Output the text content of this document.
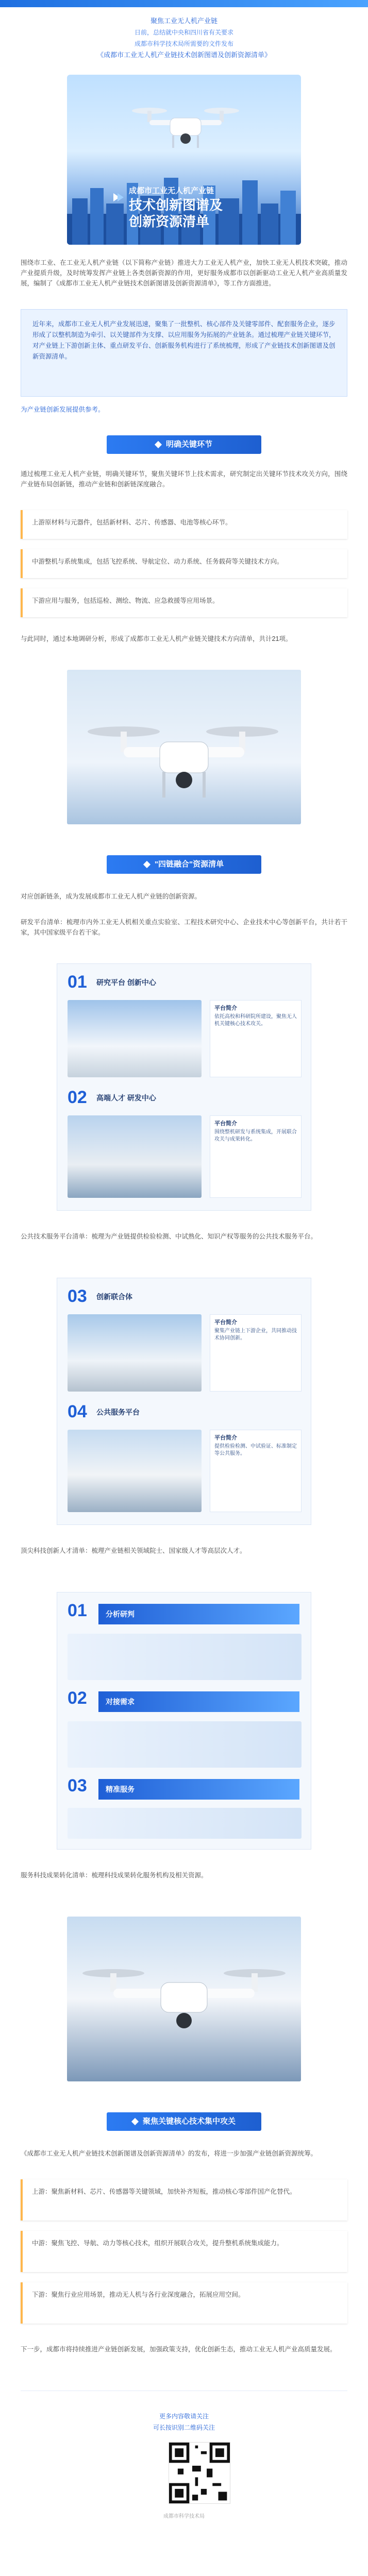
聚焦工业无人机产业链
日前，总结就中央和四川省有关要求
成都市科学技术局所需要的文件发布
《成都市工业无人机产业链技术创新图谱及创新资源清单》
成都市工业无人机产业链
技术创新图谱及
创新资源清单
围绕市工业、在工业无人机产业链（以下简称产业链）推进大力工业无人机产业，加快工业无人机技术突破，推动产业提质升级，及时统筹发挥产业链上各类创新资源的作用，更好服务成都市以创新驱动工业无人机产业高质量发展，编制了《成都市工业无人机产业链技术创新图谱及创新资源清单》，等工作方面推进。
近年来，成都市工业无人机产业发展迅速，聚集了一批整机、核心部件及关键零部件、配套服务企业，逐步形成了以整机制造为牵引、以关键部件为支撑、以应用服务为拓展的产业链条。通过梳理产业链关键环节，对产业链上下游创新主体、重点研发平台、创新服务机构进行了系统梳理，形成了产业链技术创新图谱及创新资源清单。
为产业链创新发展提供参考。
明确关键环节
通过梳理工业无人机产业链，明确关键环节，聚焦关键环节上技术需求，研究制定出关键环节技术攻关方向，围绕产业链布局创新链，推动产业链和创新链深度融合。
上游原材料与元器件，包括新材料、芯片、传感器、电池等核心环节。
中游整机与系统集成，包括飞控系统、导航定位、动力系统、任务载荷等关键技术方向。
下游应用与服务，包括巡检、测绘、物流、应急救援等应用场景。
与此同时，通过本地调研分析，形成了成都市工业无人机产业链关键技术方向清单，共计21项。
"四链融合"资源清单
对应创新链条，成为发展成都市工业无人机产业链的创新资源。
研发平台清单：梳理市内外工业无人机相关重点实验室、工程技术研究中心、企业技术中心等创新平台，共计若干家，其中国家级平台若干家。
01 研究平台 创新中心
平台简介
依托高校和科研院所建设，聚焦无人机关键核心技术攻关。
02 高端人才 研发中心
平台简介
围绕整机研发与系统集成，开展联合攻关与成果转化。
公共技术服务平台清单：梳理为产业链提供检验检测、中试熟化、知识产权等服务的公共技术服务平台。
03 创新联合体
平台简介
聚集产业链上下游企业，共同推动技术协同创新。
04 公共服务平台
平台简介
提供检验检测、中试验证、标准制定等公共服务。
顶尖科技创新人才清单：梳理产业链相关领域院士、国家级人才等高层次人才。
01	分析研判
02	对接需求
03	精准服务
服务科技成果转化清单：梳理科技成果转化服务机构及相关资源。
聚焦关键核心技术集中攻关
《成都市工业无人机产业链技术创新图谱及创新资源清单》的发布，将进一步加强产业链创新资源统筹。
上游：聚焦新材料、芯片、传感器等关键领域，加快补齐短板，推动核心零部件国产化替代。
中游：聚焦飞控、导航、动力等核心技术，组织开展联合攻关，提升整机系统集成能力。
下游：聚焦行业应用场景，推动无人机与各行业深度融合，拓展应用空间。
下一步，成都市将持续推进产业链创新发展，加强政策支持，优化创新生态，推动工业无人机产业高质量发展。
更多内容敬请关注
可长按识别二维码关注
成都市科学技术局
